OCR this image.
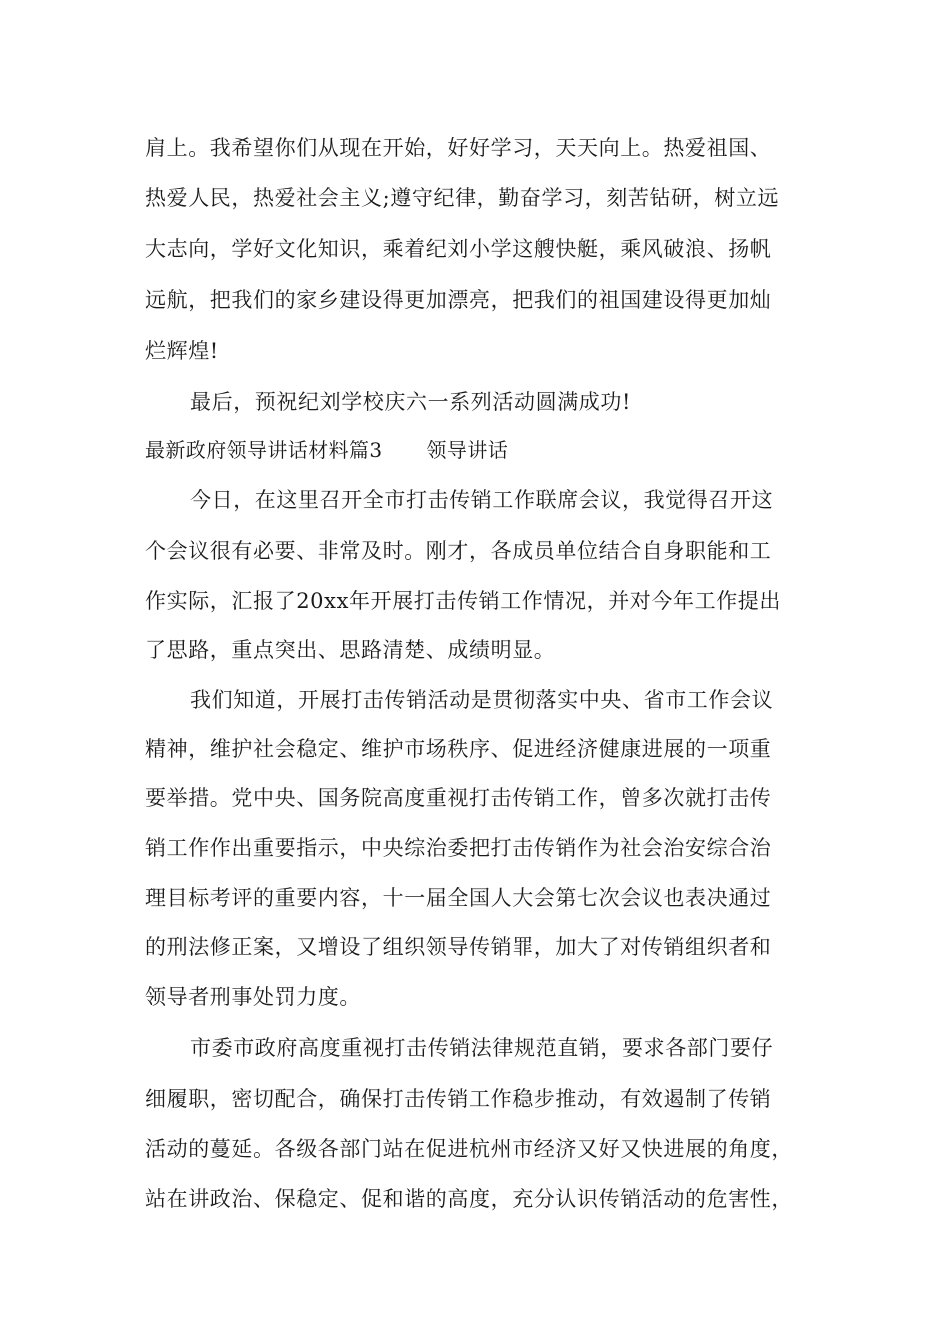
肩上。我希望你们从现在开始，好好学习，天天向上。热爱祖国、
热爱人民，热爱社会主义;遵守纪律，勤奋学习，刻苦钻研，树立远
大志向，学好文化知识，乘着纪刘小学这艘快艇，乘风破浪、扬帆
远航，把我们的家乡建设得更加漂亮，把我们的祖国建设得更加灿
烂辉煌!
最后，预祝纪刘学校庆六一系列活动圆满成功!
最新政府领导讲话材料篇3 领导讲话
今日，在这里召开全市打击传销工作联席会议，我觉得召开这
个会议很有必要、非常及时。刚才，各成员单位结合自身职能和工
作实际，汇报了20xx年开展打击传销工作情况，并对今年工作提出
了思路，重点突出、思路清楚、成绩明显。
我们知道，开展打击传销活动是贯彻落实中央、省市工作会议
精神，维护社会稳定、维护市场秩序、促进经济健康进展的一项重
要举措。党中央、国务院高度重视打击传销工作，曾多次就打击传
销工作作出重要指示，中央综治委把打击传销作为社会治安综合治
理目标考评的重要内容，十一届全国人大会第七次会议也表决通过
的刑法修正案，又增设了组织领导传销罪，加大了对传销组织者和
领导者刑事处罚力度。
市委市政府高度重视打击传销法律规范直销，要求各部门要仔
细履职，密切配合，确保打击传销工作稳步推动，有效遏制了传销
活动的蔓延。各级各部门站在促进杭州市经济又好又快进展的角度，
站在讲政治、保稳定、促和谐的高度，充分认识传销活动的危害性，
